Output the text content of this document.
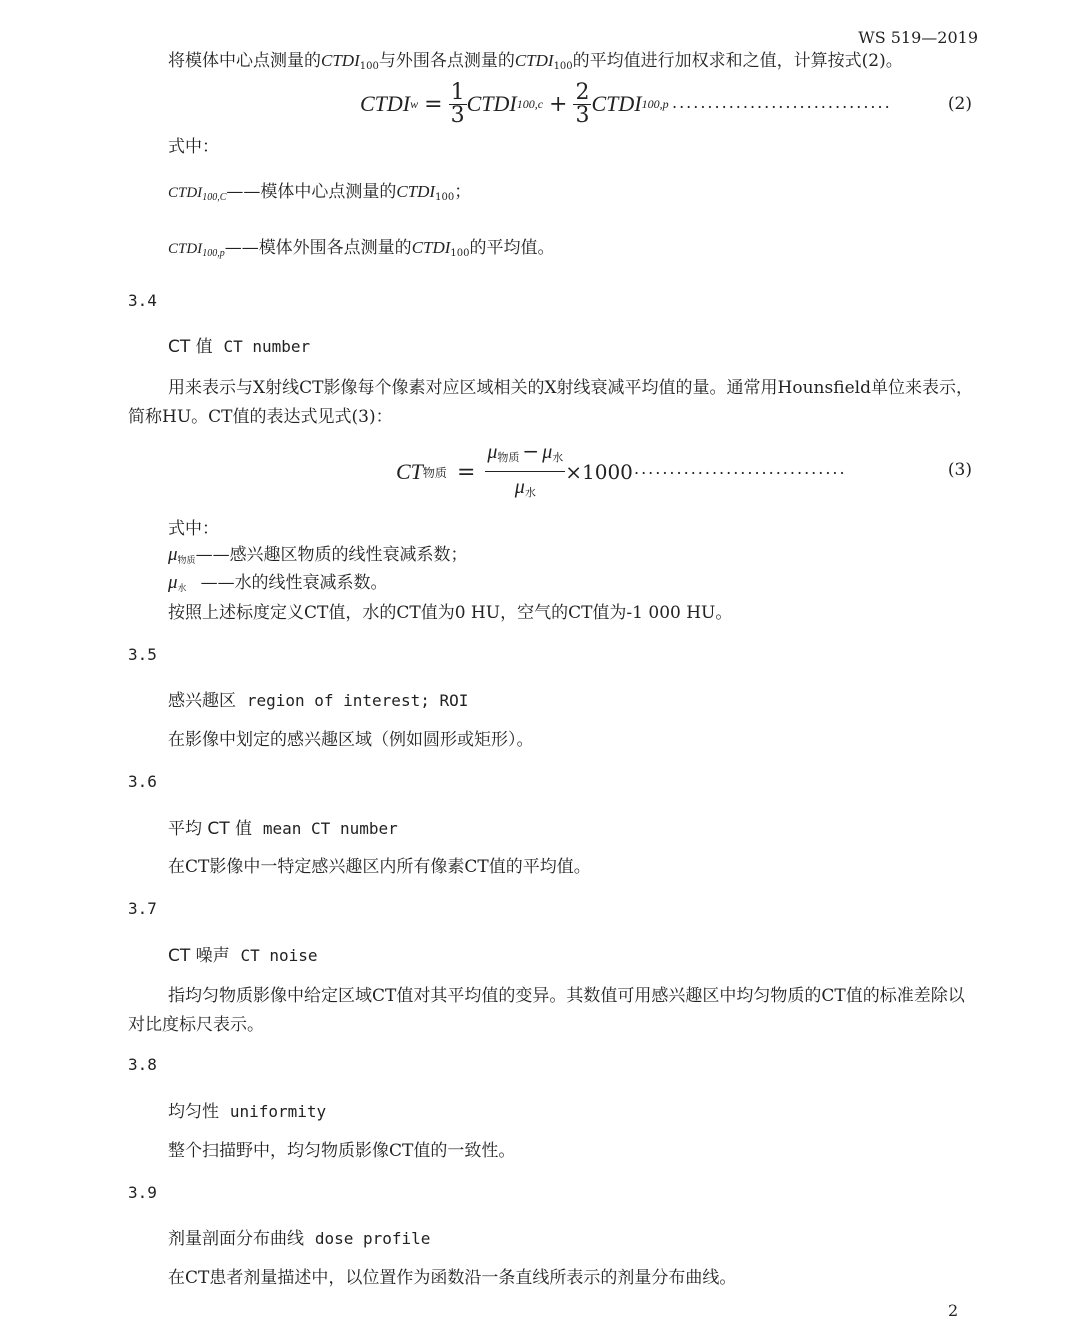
WS 519—2019
将模体中心点测量的$CTDI_{100}$与外围各点测量的$CTDI_{100}$的平均值进行加权求和之值，计算按式(2)。
CTDI $w = \frac{1}{3}$ CTDI $100,c + \frac{2}{3}$ CTDI 100,p ...............................	(2)
式中：
$CTDI_{100,C}——$模体中心点测量的$CTDI_{100}$；
$CTDI_{100,p}——$模体外围各点测量的$CTDI_{100}$的平均值。
3.4
CT 值 CT number
用来表示与X射线CT影像每个像素对应区域相关的X射线衰减平均值的量。通常用Hounsfield单位来表示，简称HU。CT值的表达式见式(3)：
CT 物质 = $\frac{\mu_{物质} - \mu_水}{\mu_水} \times 1000$ ..............................	(3)
式中：
$\mu_{物质}——$感兴趣区物质的线性衰减系数；
$\mu_水$ ——水的线性衰减系数。
按照上述标度定义CT值，水的CT值为0 HU，空气的CT值为-1 000 HU。
3.5
感兴趣区 region of interest; ROI
在影像中划定的感兴趣区域（例如圆形或矩形）。
3.6
平均 CT 值 mean CT number
在CT影像中一特定感兴趣区内所有像素CT值的平均值。
3.7
CT 噪声 CT noise
指均匀物质影像中给定区域CT值对其平均值的变异。其数值可用感兴趣区中均匀物质的CT值的标准差除以对比度标尺表示。
3.8
均匀性 uniformity
整个扫描野中，均匀物质影像CT值的一致性。
3.9
剂量剖面分布曲线 dose profile
在CT患者剂量描述中，以位置作为函数沿一条直线所表示的剂量分布曲线。
2
